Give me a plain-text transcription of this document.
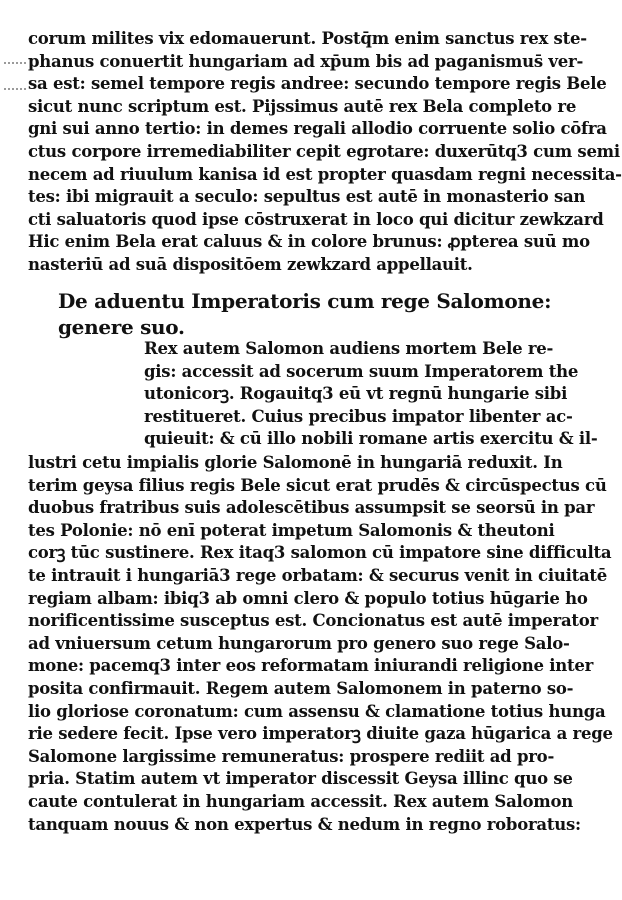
corum milites vix edomauerunt. Postq̄m enim sanctus rex ste-
phanus conuertit hungariam ad xp̄um bis ad paganismus̄ ver-
sa est: semel tempore regis andree: secundo tempore regis Bele
sicut nunc scriptum est. Pijssimus autē rex Bela completo re
gni sui anno tertio: in demes regali allodio corruente solio cōfra
ctus corpore irremediabiliter cepit egrotare: duxerūtq3 cum semi
necem ad riuulum kanisa id est propter quasdam regni necessita-
tes: ibi migrauit a seculo: sepultus est autē in monasterio san
cti saluatoris quod ipse cōstruxerat in loco qui dicitur zewkzard
Hic enim Bela erat caluus & in colore brunus: ꝓpterea suū mo
nasteriū ad suā dispositōem zewkzard appellauit.
De aduentu Imperatoris cum rege Salomone:
genere suo.
Rex autem Salomon audiens mortem Bele re-
gis: accessit ad socerum suum Imperatorem the
utonicorꝫ. Rogauitq3 eū vt regnū hungarie sibi
restitueret. Cuius precibus impator libenter ac-
quieuit: & cū illo nobili romane artis exercitu & il-
lustri cetu impialis glorie Salomonē in hungariā reduxit. In
terim geysa filius regis Bele sicut erat prudēs & circūspectus cū
duobus fratribus suis adolescētibus assumpsit se seorsū in par
tes Polonie: nō enī poterat impetum Salomonis & theutoni
corꝫ tūc sustinere. Rex itaq3 salomon cū impatore sine difficulta
te intrauit i hungariā3 rege orbatam: & securus venit in ciuitatē
regiam albam: ibiq3 ab omni clero & populo totius hūgarie ho
norificentissime susceptus est. Concionatus est autē imperator
ad vniuersum cetum hungarorum pro genero suo rege Salo-
mone: pacemq3 inter eos reformatam iniurandi religione inter
posita confirmauit. Regem autem Salomonem in paterno so-
lio gloriose coronatum: cum assensu & clamatione totius hunga
rie sedere fecit. Ipse vero imperatorꝫ diuite gaza hūgarica a rege
Salomone largissime remuneratus: prospere rediit ad pro-
pria. Statim autem vt imperator discessit Geysa illinc quo se
caute contulerat in hungariam accessit. Rex autem Salomon
tanquam nouus & non expertus & nedum in regno roboratus:
